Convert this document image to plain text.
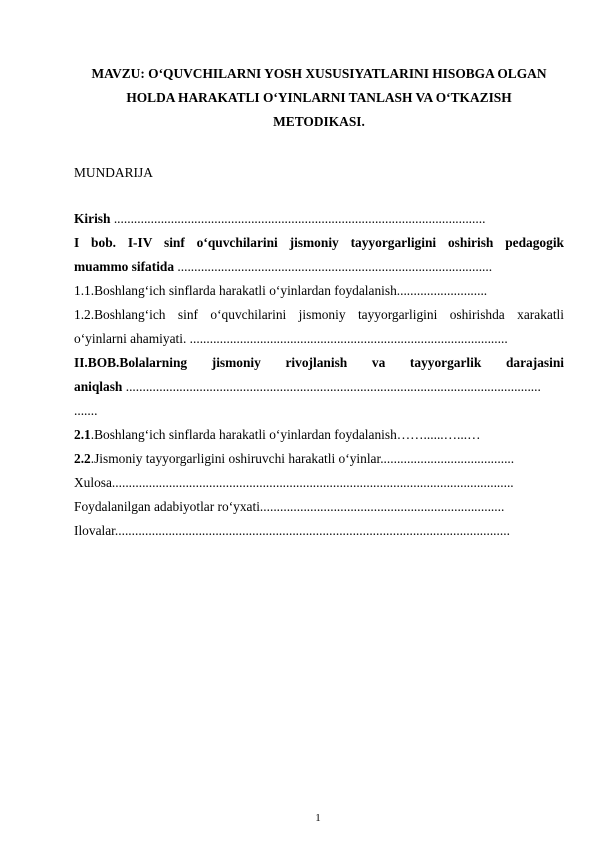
MAVZU: O‘QUVCHILARNI YOSH XUSUSIYATLARINI HISOBGA OLGAN
HOLDA HARAKATLI O‘YINLARNI TANLASH VA O‘TKAZISH
METODIKASI.
MUNDARIJA
Kirish ...............................................................................................................
I bob. I-IV sinf o‘quvchilarini jismoniy tayyorgarligini oshirish pedagogik
muammo sifatida ..............................................................................................
1.1.Boshlang‘ich sinflarda harakatli o‘yinlardan foydalanish...........................
1.2.Boshlang‘ich sinf o‘quvchilarini jismoniy tayyorgarligini oshirishda xarakatli
o‘yinlarni ahamiyati. ...............................................................................................
II.BOB.Bolalarning jismoniy rivojlanish va tayyorgarlik darajasini
aniqlash ............................................................................................................................
.......
2.1.Boshlang‘ich sinflarda harakatli o‘yinlardan foydalanish……......…...…
2.2.Jismoniy tayyorgarligini oshiruvchi harakatli o‘yinlar........................................
Xulosa........................................................................................................................
Foydalanilgan adabiyotlar ro‘yxati.........................................................................
Ilovalar......................................................................................................................
1
